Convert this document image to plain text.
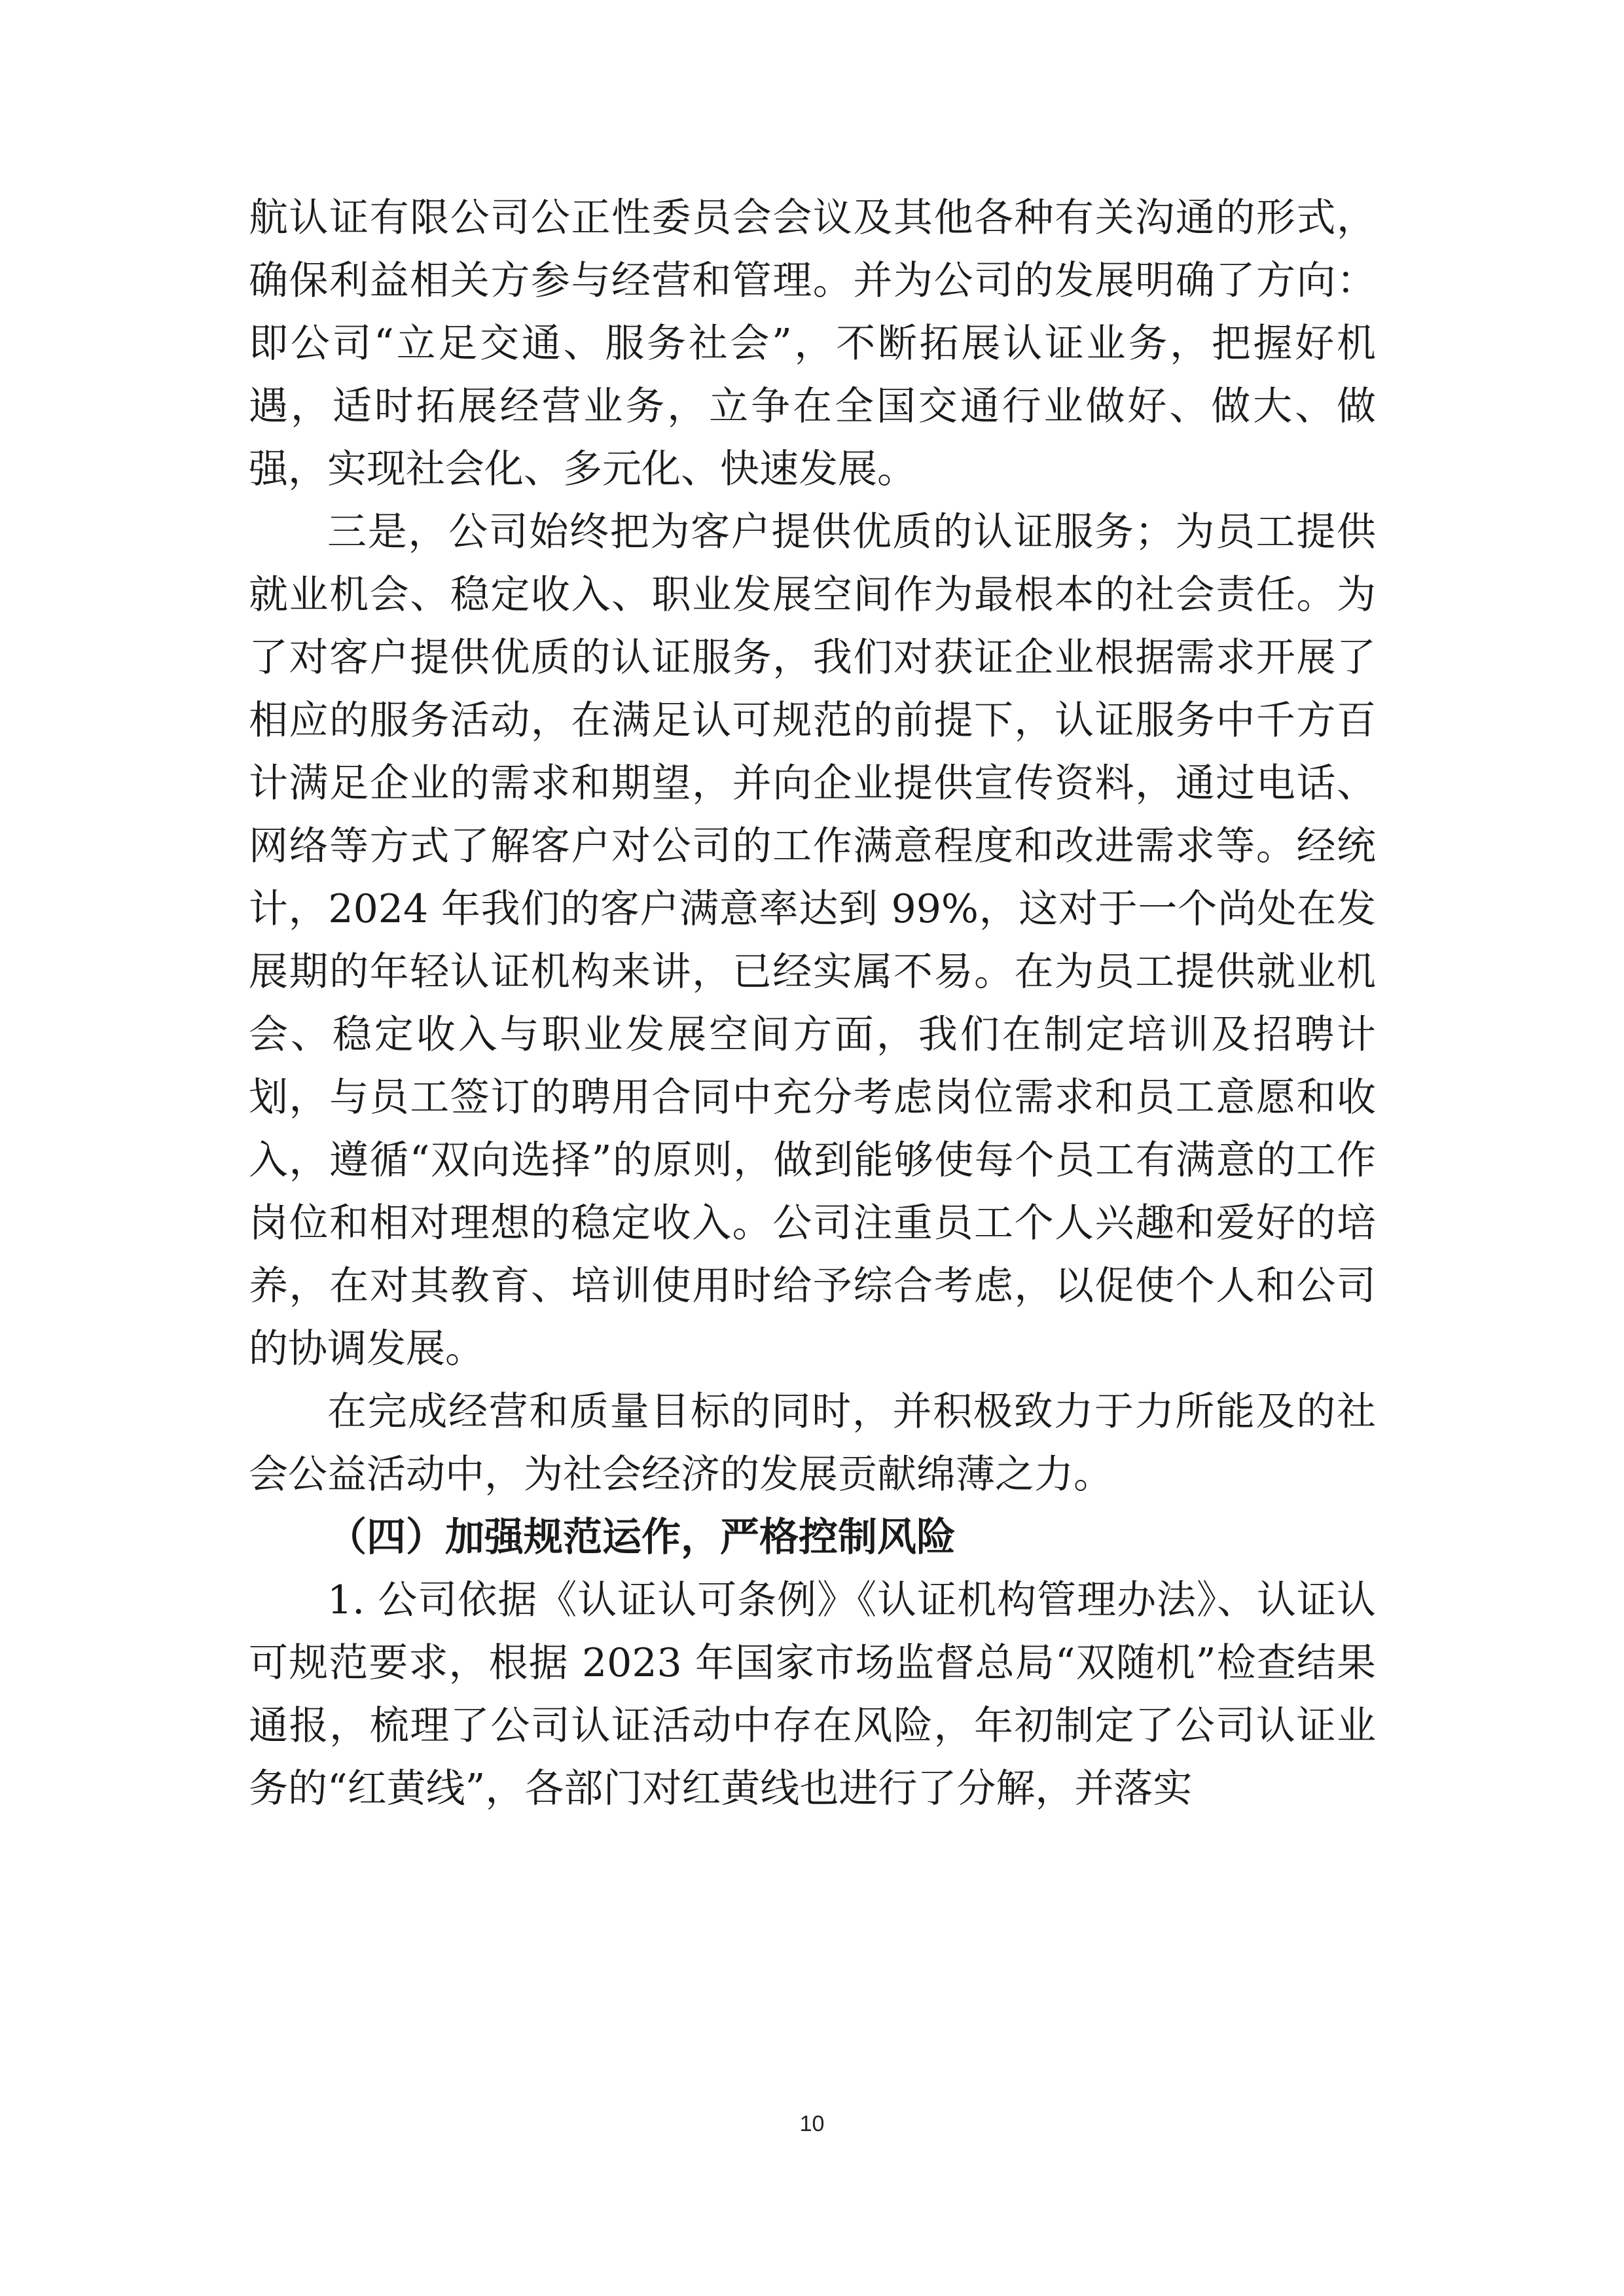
航认证有限公司公正性委员会会议及其他各种有关沟通的形式，确保利益相关方参与经营和管理。并为公司的发展明确了方向：即公司“立足交通、服务社会”，不断拓展认证业务，把握好机遇，适时拓展经营业务，立争在全国交通行业做好、做大、做强，实现社会化、多元化、快速发展。

三是，公司始终把为客户提供优质的认证服务；为员工提供就业机会、稳定收入、职业发展空间作为最根本的社会责任。为了对客户提供优质的认证服务，我们对获证企业根据需求开展了相应的服务活动，在满足认可规范的前提下，认证服务中千方百计满足企业的需求和期望，并向企业提供宣传资料，通过电话、网络等方式了解客户对公司的工作满意程度和改进需求等。经统计，2024 年我们的客户满意率达到 99%，这对于一个尚处在发展期的年轻认证机构来讲，已经实属不易。在为员工提供就业机会、稳定收入与职业发展空间方面，我们在制定培训及招聘计划，与员工签订的聘用合同中充分考虑岗位需求和员工意愿和收入，遵循“双向选择”的原则，做到能够使每个员工有满意的工作岗位和相对理想的稳定收入。公司注重员工个人兴趣和爱好的培养，在对其教育、培训使用时给予综合考虑，以促使个人和公司的协调发展。

在完成经营和质量目标的同时，并积极致力于力所能及的社会公益活动中，为社会经济的发展贡献绵薄之力。

（四）加强规范运作，严格控制风险

1. 公司依据《认证认可条例》《认证机构管理办法》、认证认可规范要求，根据 2023 年国家市场监督总局“双随机”检查结果通报，梳理了公司认证活动中存在风险，年初制定了公司认证业务的“红黄线”，各部门对红黄线也进行了分解，并落实

10
